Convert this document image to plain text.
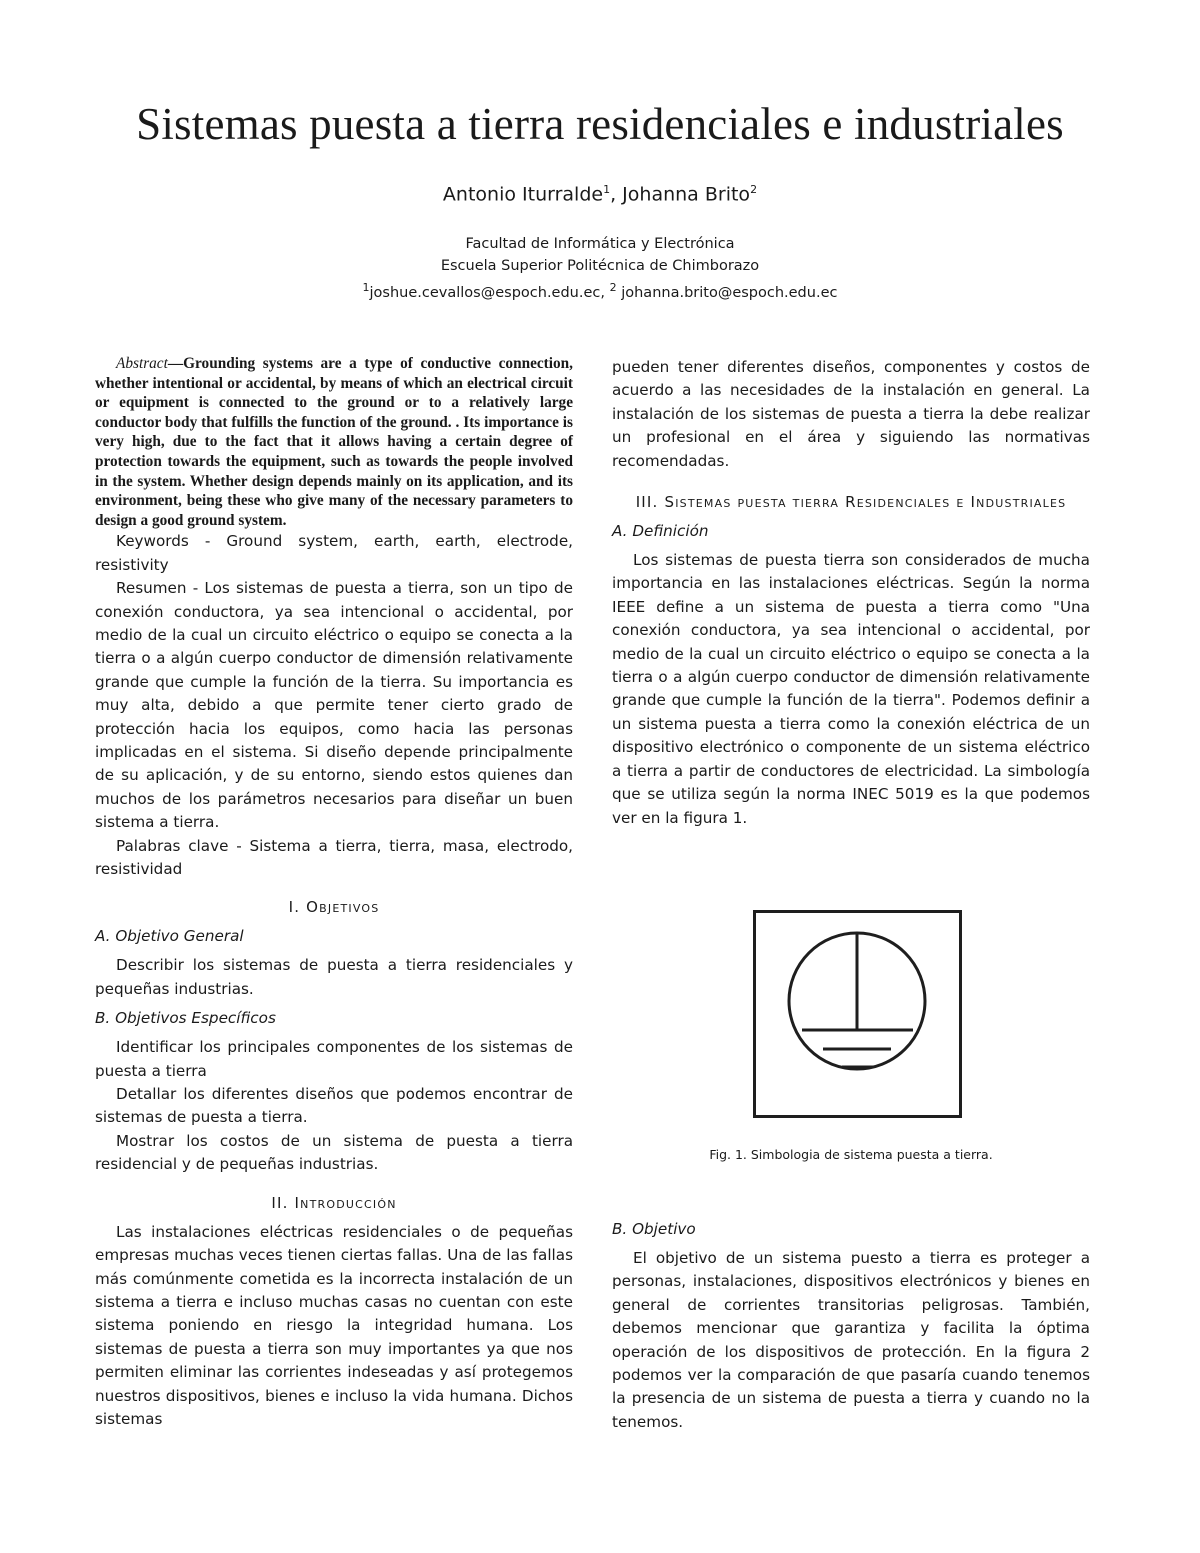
Sistemas puesta a tierra residenciales e industriales
Antonio Iturralde$^1$, Johanna Brito$^2$
Facultad de Informática y Electrónica
Escuela Superior Politécnica de Chimborazo
$^1$joshue.cevallos@espoch.edu.ec, $^2$ johanna.brito@espoch.edu.ec

Abstract—Grounding systems are a type of conductive connection, whether intentional or accidental, by means of which an electrical circuit or equipment is connected to the ground or to a relatively large conductor body that fulfills the function of the ground. . Its importance is very high, due to the fact that it allows having a certain degree of protection towards the equipment, such as towards the people involved in the system. Whether design depends mainly on its application, and its environment, being these who give many of the necessary parameters to design a good ground system.

Keywords - Ground system, earth, earth, electrode, resistivity

Resumen - Los sistemas de puesta a tierra, son un tipo de conexión conductora, ya sea intencional o accidental, por medio de la cual un circuito eléctrico o equipo se conecta a la tierra o a algún cuerpo conductor de dimensión relativamente grande que cumple la función de la tierra. Su importancia es muy alta, debido a que permite tener cierto grado de protección hacia los equipos, como hacia las personas implicadas en el sistema. Si diseño depende principalmente de su aplicación, y de su entorno, siendo estos quienes dan muchos de los parámetros necesarios para diseñar un buen sistema a tierra.

Palabras clave - Sistema a tierra, tierra, masa, electrodo, resistividad

I. Objetivos
A. Objetivo General

Describir los sistemas de puesta a tierra residenciales y pequeñas industrias.

B. Objetivos Específicos

Identificar los principales componentes de los sistemas de puesta a tierra

Detallar los diferentes diseños que podemos encontrar de sistemas de puesta a tierra.

Mostrar los costos de un sistema de puesta a tierra residencial y de pequeñas industrias.

II. Introducción

Las instalaciones eléctricas residenciales o de pequeñas empresas muchas veces tienen ciertas fallas. Una de las fallas más comúnmente cometida es la incorrecta instalación de un sistema a tierra e incluso muchas casas no cuentan con este sistema poniendo en riesgo la integridad humana. Los sistemas de puesta a tierra son muy importantes ya que nos permiten eliminar las corrientes indeseadas y así protegemos nuestros dispositivos, bienes e incluso la vida humana. Dichos sistemas

pueden tener diferentes diseños, componentes y costos de acuerdo a las necesidades de la instalación en general. La instalación de los sistemas de puesta a tierra la debe realizar un profesional en el área y siguiendo las normativas recomendadas.

III. Sistemas puesta tierra Residenciales e Industriales
A. Definición

Los sistemas de puesta tierra son considerados de mucha importancia en las instalaciones eléctricas. Según la norma IEEE define a un sistema de puesta a tierra como "Una conexión conductora, ya sea intencional o accidental, por medio de la cual un circuito eléctrico o equipo se conecta a la tierra o a algún cuerpo conductor de dimensión relativamente grande que cumple la función de la tierra". Podemos definir a un sistema puesta a tierra como la conexión eléctrica de un dispositivo electrónico o componente de un sistema eléctrico a tierra a partir de conductores de electricidad. La simbología que se utiliza según la norma INEC 5019 es la que podemos ver en la figura 1.

Fig. 1. Simbologia de sistema puesta a tierra.
B. Objetivo

El objetivo de un sistema puesto a tierra es proteger a personas, instalaciones, dispositivos electrónicos y bienes en general de corrientes transitorias peligrosas. También, debemos mencionar que garantiza y facilita la óptima operación de los dispositivos de protección. En la figura 2 podemos ver la comparación de que pasaría cuando tenemos la presencia de un sistema de puesta a tierra y cuando no la tenemos.
